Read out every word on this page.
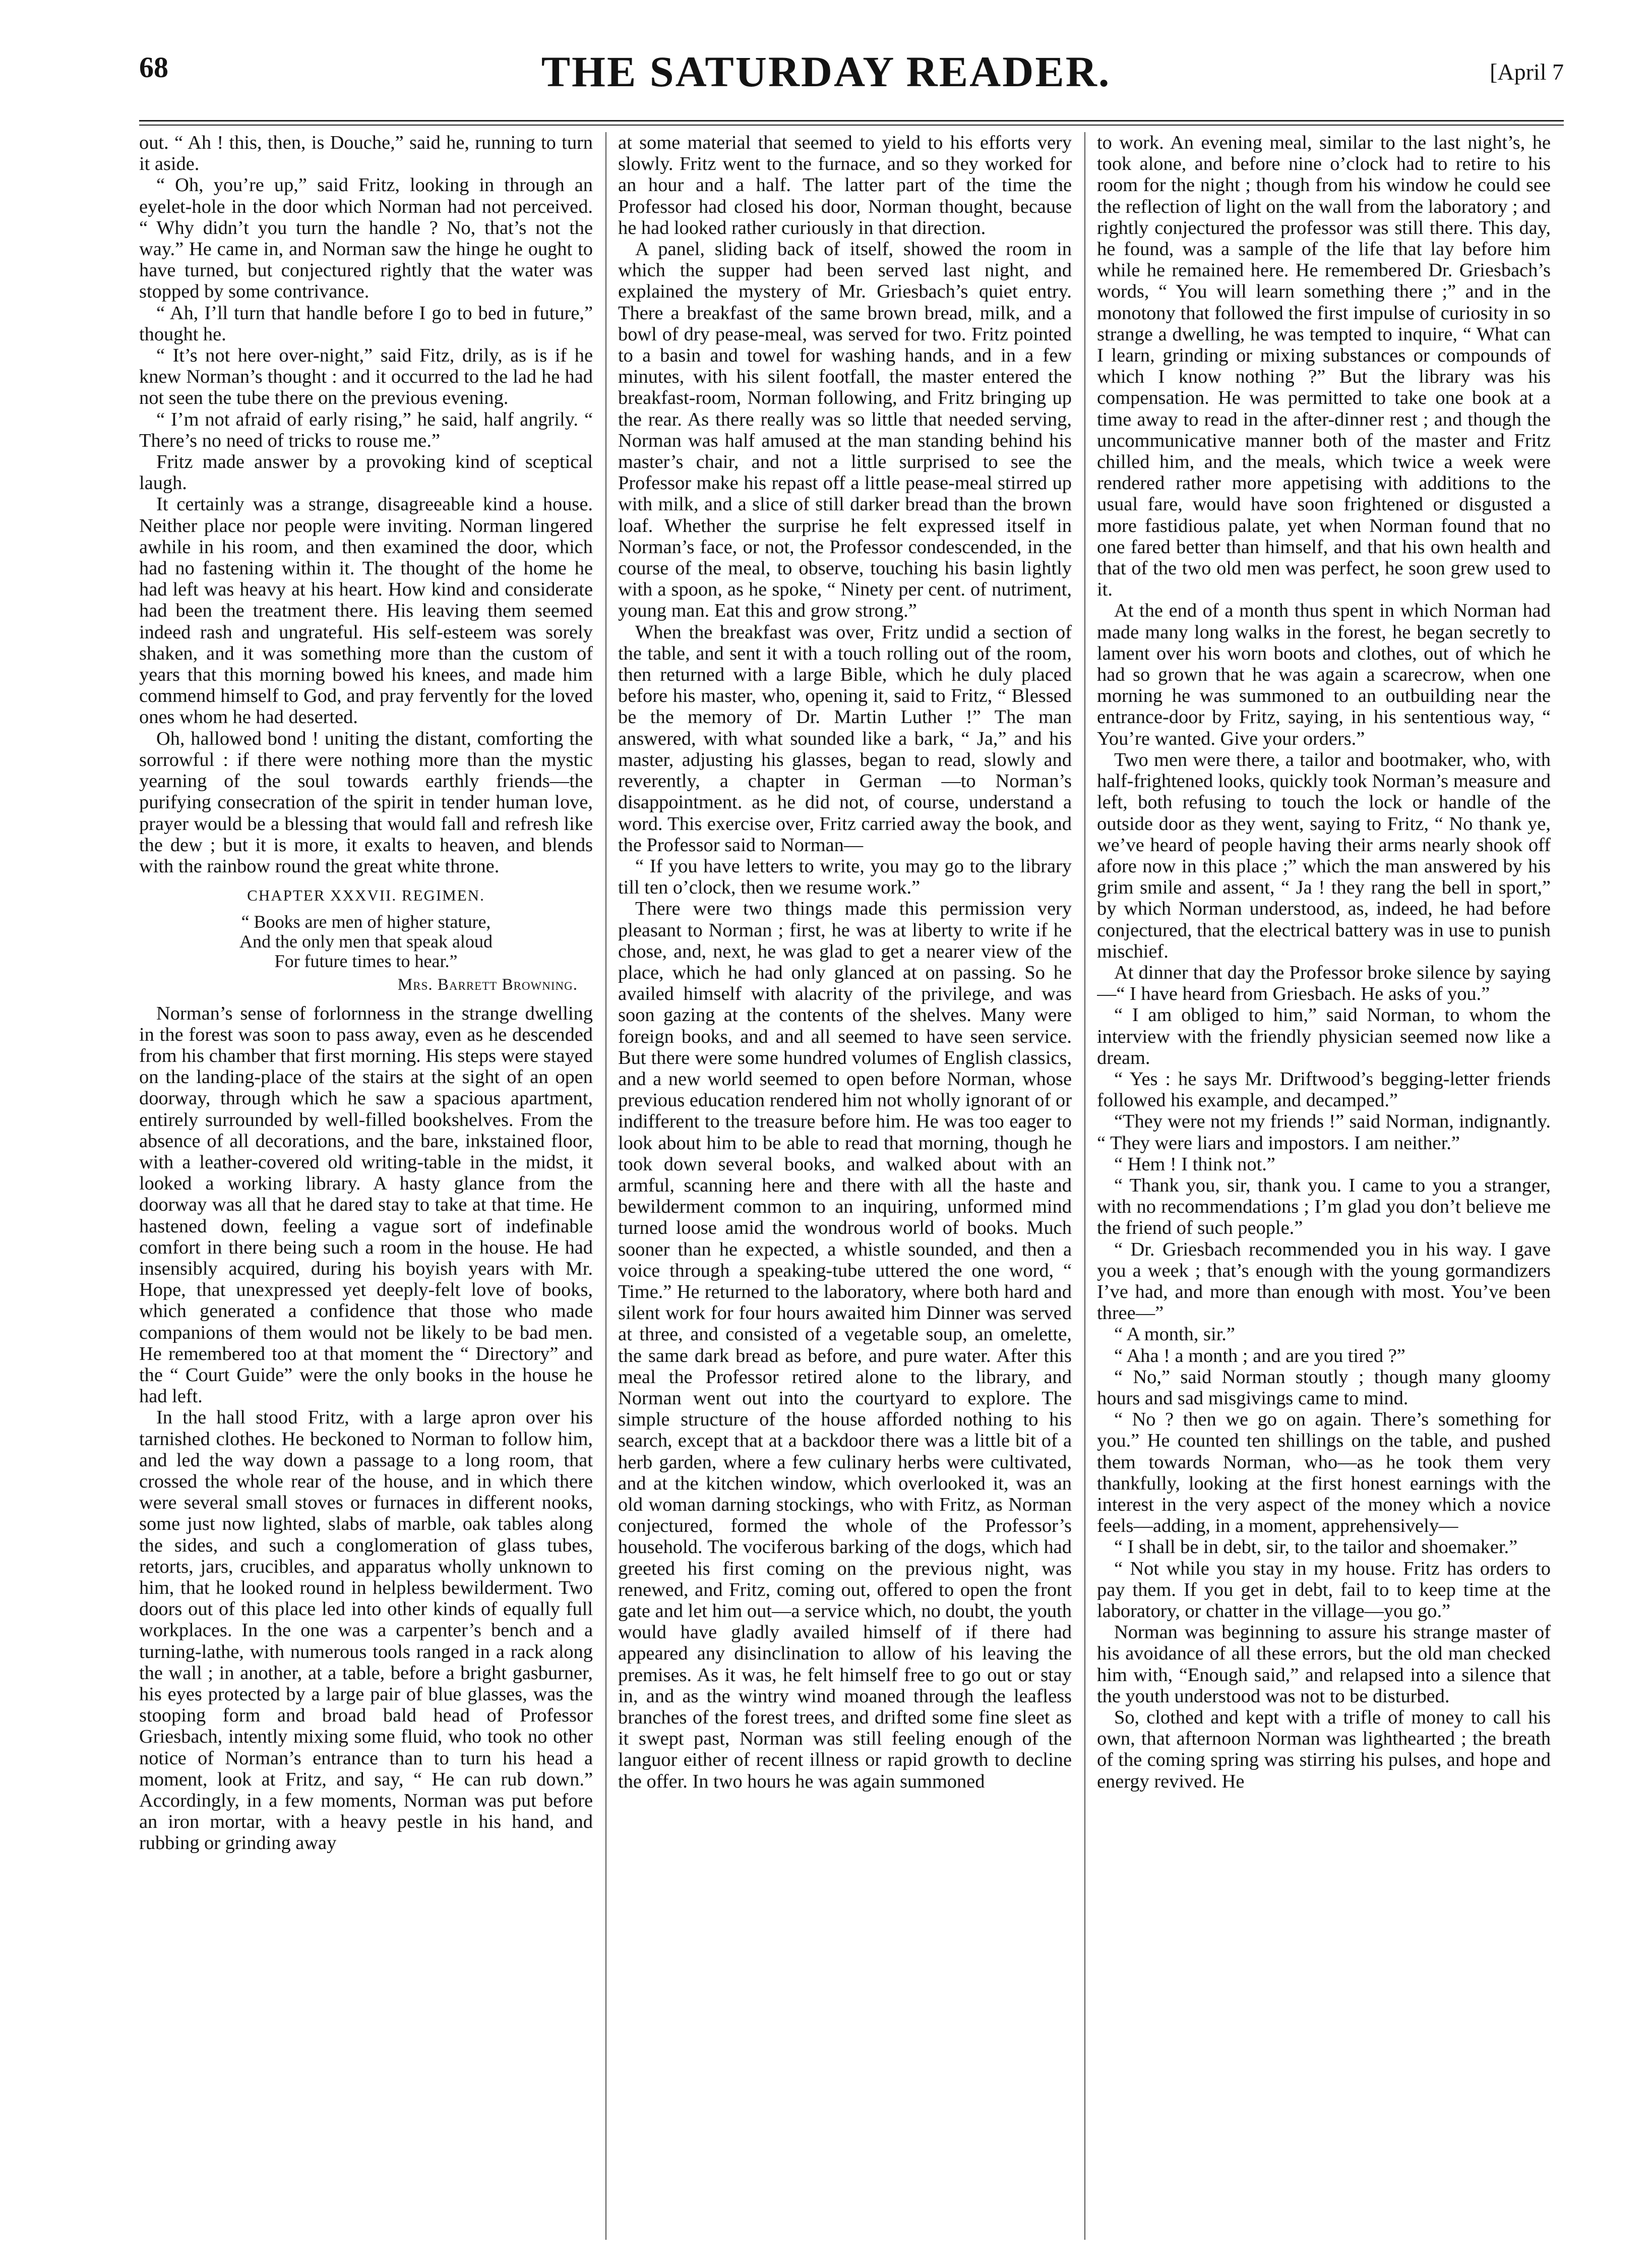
68	THE SATURDAY READER.	[April 7

out. “ Ah ! this, then, is Douche,” said he, running to turn it aside.

“ Oh, you’re up,” said Fritz, looking in through an eyelet-hole in the door which Norman had not perceived. “ Why didn’t you turn the handle ? No, that’s not the way.” He came in, and Norman saw the hinge he ought to have turned, but conjectured rightly that the water was stopped by some contrivance.

“ Ah, I’ll turn that handle before I go to bed in future,” thought he.

“ It’s not here over-night,” said Fitz, drily, as is if he knew Norman’s thought : and it occurred to the lad he had not seen the tube there on the previous evening.

“ I’m not afraid of early rising,” he said, half angrily. “ There’s no need of tricks to rouse me.”

Fritz made answer by a provoking kind of sceptical laugh.

It certainly was a strange, disagreeable kind a house. Neither place nor people were inviting. Norman lingered awhile in his room, and then examined the door, which had no fastening within it. The thought of the home he had left was heavy at his heart. How kind and considerate had been the treatment there. His leaving them seemed indeed rash and ungrateful. His self-esteem was sorely shaken, and it was something more than the custom of years that this morning bowed his knees, and made him commend himself to God, and pray fervently for the loved ones whom he had deserted.

Oh, hallowed bond ! uniting the distant, comforting the sorrowful : if there were nothing more than the mystic yearning of the soul towards earthly friends—the purifying consecration of the spirit in tender human love, prayer would be a blessing that would fall and refresh like the dew ; but it is more, it exalts to heaven, and blends with the rainbow round the great white throne.

CHAPTER XXXVII. REGIMEN.
“ Books are men of higher stature,
And the only men that speak aloud
For future times to hear.”
Mrs. Barrett Browning.

Norman’s sense of forlornness in the strange dwelling in the forest was soon to pass away, even as he descended from his chamber that first morning. His steps were stayed on the landing-place of the stairs at the sight of an open doorway, through which he saw a spacious apartment, entirely surrounded by well-filled bookshelves. From the absence of all decorations, and the bare, inkstained floor, with a leather-covered old writing-table in the midst, it looked a working library. A hasty glance from the doorway was all that he dared stay to take at that time. He hastened down, feeling a vague sort of indefinable comfort in there being such a room in the house. He had insensibly acquired, during his boyish years with Mr. Hope, that unexpressed yet deeply-felt love of books, which generated a confidence that those who made companions of them would not be likely to be bad men. He remembered too at that moment the “ Directory” and the “ Court Guide” were the only books in the house he had left.

In the hall stood Fritz, with a large apron over his tarnished clothes. He beckoned to Norman to follow him, and led the way down a passage to a long room, that crossed the whole rear of the house, and in which there were several small stoves or furnaces in different nooks, some just now lighted, slabs of marble, oak tables along the sides, and such a conglomeration of glass tubes, retorts, jars, crucibles, and apparatus wholly unknown to him, that he looked round in helpless bewilderment. Two doors out of this place led into other kinds of equally full workplaces. In the one was a carpenter’s bench and a turning-lathe, with numerous tools ranged in a rack along the wall ; in another, at a table, before a bright gasburner, his eyes protected by a large pair of blue glasses, was the stooping form and broad bald head of Professor Griesbach, intently mixing some fluid, who took no other notice of Norman’s entrance than to turn his head a moment, look at Fritz, and say, “ He can rub down.” Accordingly, in a few moments, Norman was put before an iron mortar, with a heavy pestle in his hand, and rubbing or grinding away

at some material that seemed to yield to his efforts very slowly. Fritz went to the furnace, and so they worked for an hour and a half. The latter part of the time the Professor had closed his door, Norman thought, because he had looked rather curiously in that direction.

A panel, sliding back of itself, showed the room in which the supper had been served last night, and explained the mystery of Mr. Griesbach’s quiet entry. There a breakfast of the same brown bread, milk, and a bowl of dry pease-meal, was served for two. Fritz pointed to a basin and towel for washing hands, and in a few minutes, with his silent footfall, the master entered the breakfast-room, Norman following, and Fritz bringing up the rear. As there really was so little that needed serving, Norman was half amused at the man standing behind his master’s chair, and not a little surprised to see the Professor make his repast off a little pease-meal stirred up with milk, and a slice of still darker bread than the brown loaf. Whether the surprise he felt expressed itself in Norman’s face, or not, the Professor condescended, in the course of the meal, to observe, touching his basin lightly with a spoon, as he spoke, “ Ninety per cent. of nutriment, young man. Eat this and grow strong.”

When the breakfast was over, Fritz undid a section of the table, and sent it with a touch rolling out of the room, then returned with a large Bible, which he duly placed before his master, who, opening it, said to Fritz, “ Blessed be the memory of Dr. Martin Luther !” The man answered, with what sounded like a bark, “ Ja,” and his master, adjusting his glasses, began to read, slowly and reverently, a chapter in German —to Norman’s disappointment. as he did not, of course, understand a word. This exercise over, Fritz carried away the book, and the Professor said to Norman—

“ If you have letters to write, you may go to the library till ten o’clock, then we resume work.”

There were two things made this permission very pleasant to Norman ; first, he was at liberty to write if he chose, and, next, he was glad to get a nearer view of the place, which he had only glanced at on passing. So he availed himself with alacrity of the privilege, and was soon gazing at the contents of the shelves. Many were foreign books, and and all seemed to have seen service. But there were some hundred volumes of English classics, and a new world seemed to open before Norman, whose previous education rendered him not wholly ignorant of or indifferent to the treasure before him. He was too eager to look about him to be able to read that morning, though he took down several books, and walked about with an armful, scanning here and there with all the haste and bewilderment common to an inquiring, unformed mind turned loose amid the wondrous world of books. Much sooner than he expected, a whistle sounded, and then a voice through a speaking-tube uttered the one word, “ Time.” He returned to the laboratory, where both hard and silent work for four hours awaited him Dinner was served at three, and consisted of a vegetable soup, an omelette, the same dark bread as before, and pure water. After this meal the Professor retired alone to the library, and Norman went out into the courtyard to explore. The simple structure of the house afforded nothing to his search, except that at a backdoor there was a little bit of a herb garden, where a few culinary herbs were cultivated, and at the kitchen window, which overlooked it, was an old woman darning stockings, who with Fritz, as Norman conjectured, formed the whole of the Professor’s household. The vociferous barking of the dogs, which had greeted his first coming on the previous night, was renewed, and Fritz, coming out, offered to open the front gate and let him out—a service which, no doubt, the youth would have gladly availed himself of if there had appeared any disinclination to allow of his leaving the premises. As it was, he felt himself free to go out or stay in, and as the wintry wind moaned through the leafless branches of the forest trees, and drifted some fine sleet as it swept past, Norman was still feeling enough of the languor either of recent illness or rapid growth to decline the offer. In two hours he was again summoned

to work. An evening meal, similar to the last night’s, he took alone, and before nine o’clock had to retire to his room for the night ; though from his window he could see the reflection of light on the wall from the laboratory ; and rightly conjectured the professor was still there. This day, he found, was a sample of the life that lay before him while he remained here. He remembered Dr. Griesbach’s words, “ You will learn something there ;” and in the monotony that followed the first impulse of curiosity in so strange a dwelling, he was tempted to inquire, “ What can I learn, grinding or mixing substances or compounds of which I know nothing ?” But the library was his compensation. He was permitted to take one book at a time away to read in the after-dinner rest ; and though the uncommunicative manner both of the master and Fritz chilled him, and the meals, which twice a week were rendered rather more appetising with additions to the usual fare, would have soon frightened or disgusted a more fastidious palate, yet when Norman found that no one fared better than himself, and that his own health and that of the two old men was perfect, he soon grew used to it.

At the end of a month thus spent in which Norman had made many long walks in the forest, he began secretly to lament over his worn boots and clothes, out of which he had so grown that he was again a scarecrow, when one morning he was summoned to an outbuilding near the entrance-door by Fritz, saying, in his sententious way, “ You’re wanted. Give your orders.”

Two men were there, a tailor and bootmaker, who, with half-frightened looks, quickly took Norman’s measure and left, both refusing to touch the lock or handle of the outside door as they went, saying to Fritz, “ No thank ye, we’ve heard of people having their arms nearly shook off afore now in this place ;” which the man answered by his grim smile and assent, “ Ja ! they rang the bell in sport,” by which Norman understood, as, indeed, he had before conjectured, that the electrical battery was in use to punish mischief.

At dinner that day the Professor broke silence by saying—“ I have heard from Griesbach. He asks of you.”

“ I am obliged to him,” said Norman, to whom the interview with the friendly physician seemed now like a dream.

“ Yes : he says Mr. Driftwood’s begging-letter friends followed his example, and decamped.”

“They were not my friends !” said Norman, indignantly. “ They were liars and impostors. I am neither.”

“ Hem ! I think not.”

“ Thank you, sir, thank you. I came to you a stranger, with no recommendations ; I’m glad you don’t believe me the friend of such people.”

“ Dr. Griesbach recommended you in his way. I gave you a week ; that’s enough with the young gormandizers I’ve had, and more than enough with most. You’ve been three—”

“ A month, sir.”

“ Aha ! a month ; and are you tired ?”

“ No,” said Norman stoutly ; though many gloomy hours and sad misgivings came to mind.

“ No ? then we go on again. There’s something for you.” He counted ten shillings on the table, and pushed them towards Norman, who—as he took them very thankfully, looking at the first honest earnings with the interest in the very aspect of the money which a novice feels—adding, in a moment, apprehensively—

“ I shall be in debt, sir, to the tailor and shoemaker.”

“ Not while you stay in my house. Fritz has orders to pay them. If you get in debt, fail to to keep time at the laboratory, or chatter in the village—you go.”

Norman was beginning to assure his strange master of his avoidance of all these errors, but the old man checked him with, “Enough said,” and relapsed into a silence that the youth understood was not to be disturbed.

So, clothed and kept with a trifle of money to call his own, that afternoon Norman was lighthearted ; the breath of the coming spring was stirring his pulses, and hope and energy revived. He
